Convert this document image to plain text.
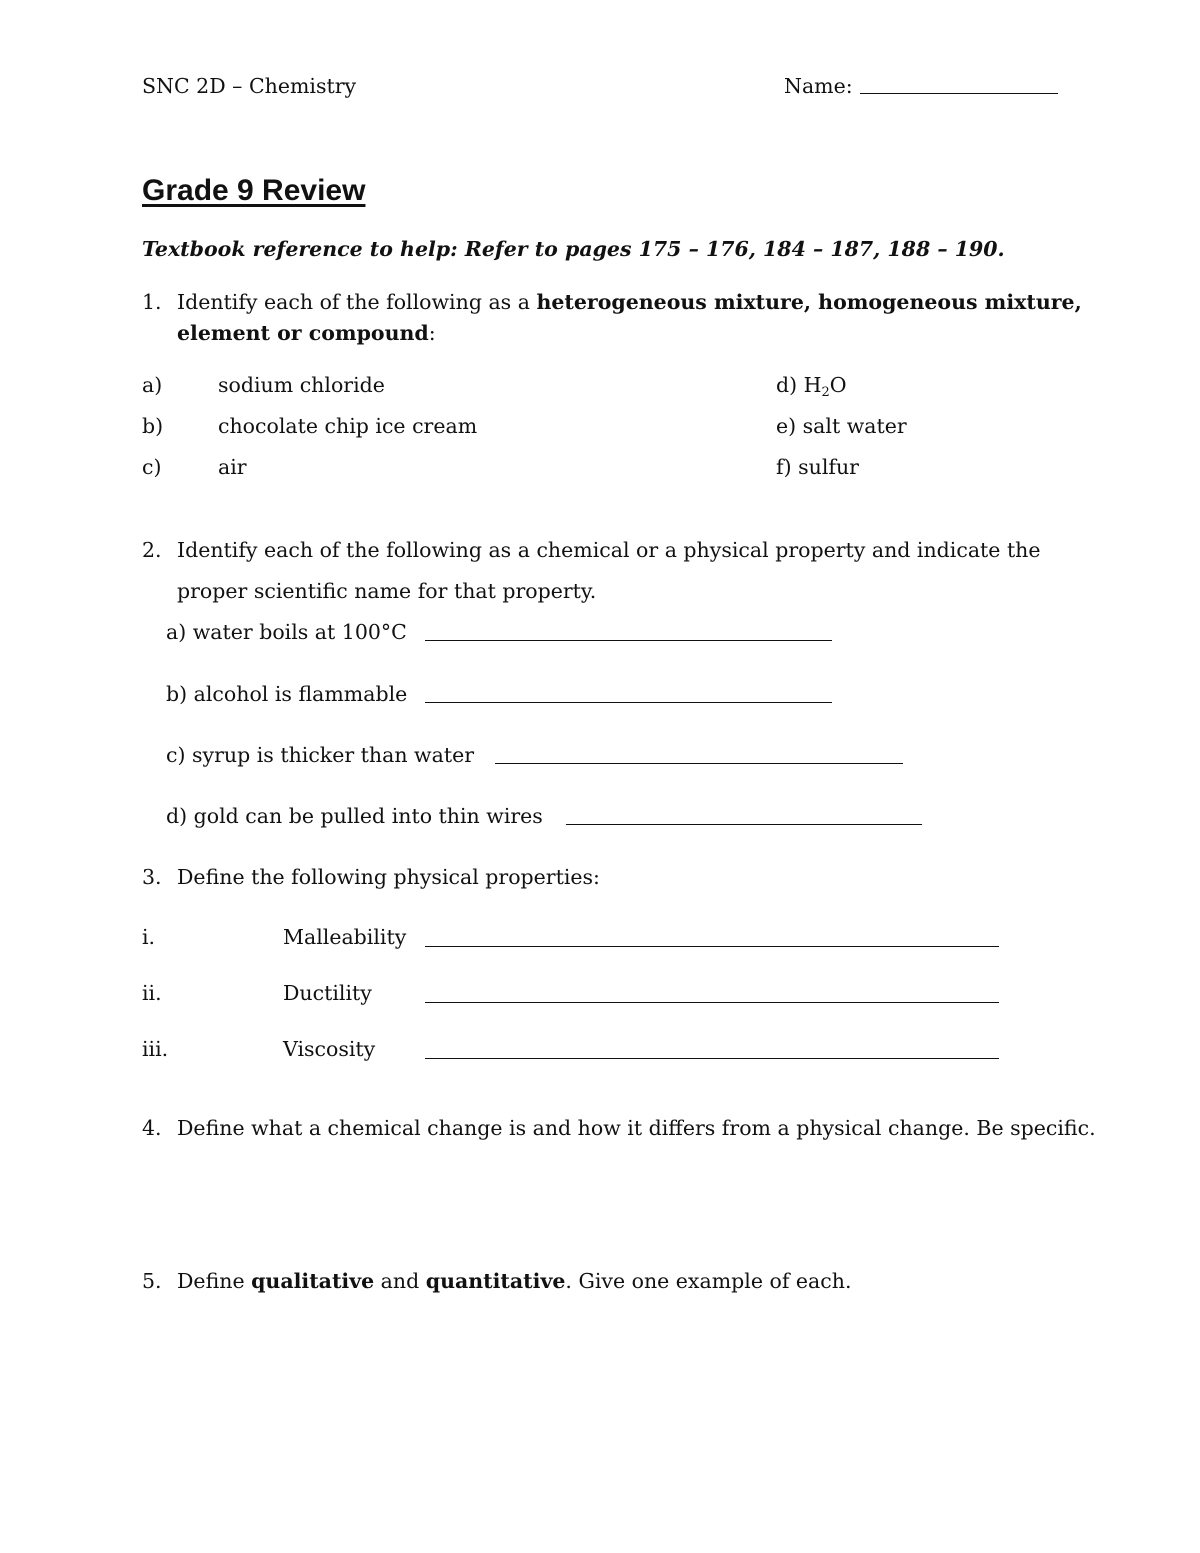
SNC 2D – Chemistry	Name:
Grade 9 Review
Textbook reference to help: Refer to pages 175 – 176, 184 – 187, 188 – 190.
1. Identify each of the following as a heterogeneous mixture, homogeneous mixture,
element or compound:
a)	sodium chloride
b)	chocolate chip ice cream
c)	air
d) $H_2O$
e) salt water
f) sulfur
2. Identify each of the following as a chemical or a physical property and indicate the
proper scientific name for that property.
a) water boils at 100°C
b) alcohol is flammable
c) syrup is thicker than water
d) gold can be pulled into thin wires
3. Define the following physical properties:
i.	Malleability
ii.	Ductility
iii.	Viscosity
4. Define what a chemical change is and how it differs from a physical change. Be specific.
5. Define qualitative and quantitative. Give one example of each.
